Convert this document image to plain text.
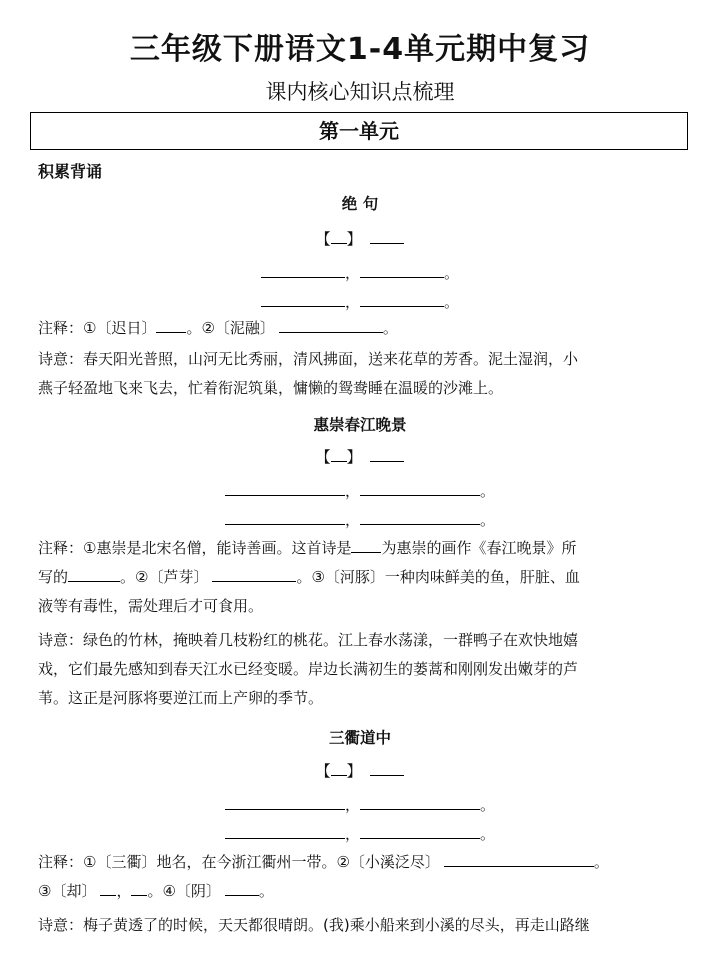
三年级下册语文1-4单元期中复习
课内核心知识点梳理
第一单元
积累背诵
绝 句
【 】
，	。
，	。
注释：①〔迟日〕 。②〔泥融〕	。
诗意：春天阳光普照，山河无比秀丽，清风拂面，送来花草的芳香。泥土湿润，小
燕子轻盈地飞来飞去，忙着衔泥筑巢，慵懒的鸳鸯睡在温暖的沙滩上。
惠崇春江晚景
【 】
，	。
，	。
注释：①惠崇是北宋名僧，能诗善画。这首诗是 为惠崇的画作《春江晚景》所
写的	。②〔芦芽〕	。③〔河豚〕一种肉味鲜美的鱼，肝脏、血
液等有毒性，需处理后才可食用。
诗意：绿色的竹林，掩映着几枝粉红的桃花。江上春水荡漾，一群鸭子在欢快地嬉
戏，它们最先感知到春天江水已经变暖。岸边长满初生的蒌蒿和刚刚发出嫩芽的芦
苇。这正是河豚将要逆江而上产卵的季节。
三衢道中
【 】
，	。
，	。
注释：①〔三衢〕地名，在今浙江衢州一带。②〔小溪泛尽〕	。
③〔却〕 ， 。④〔阴〕	。
诗意：梅子黄透了的时候，天天都很晴朗。(我)乘小船来到小溪的尽头，再走山路继
